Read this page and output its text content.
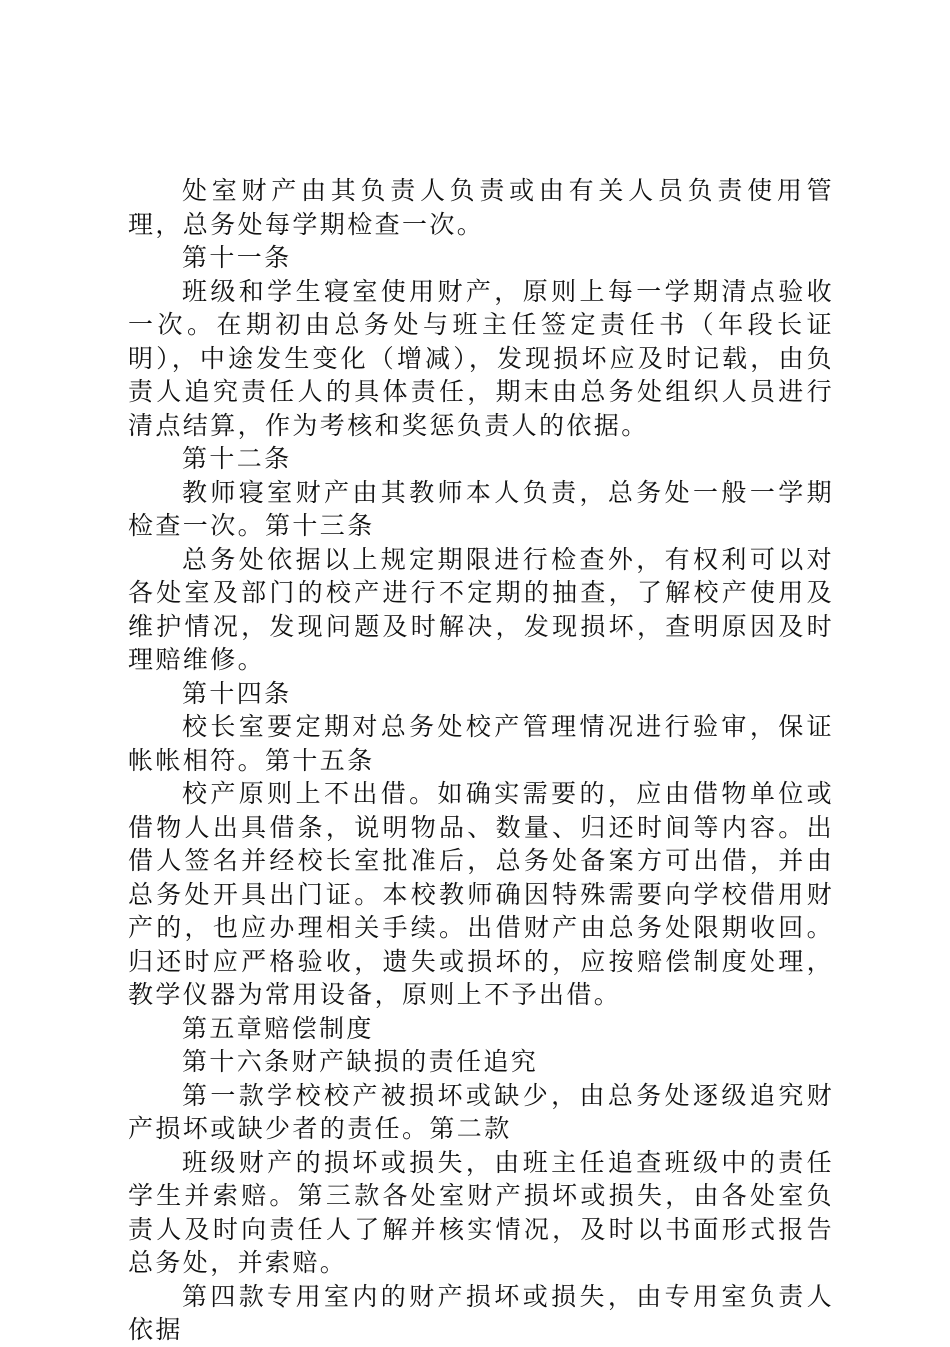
处室财产由其负责人负责或由有关人员负责使用管理，总务处每学期检查一次。

第十一条

班级和学生寝室使用财产，原则上每一学期清点验收一次。在期初由总务处与班主任签定责任书（年段长证明），中途发生变化（增减），发现损坏应及时记载，由负责人追究责任人的具体责任，期末由总务处组织人员进行清点结算，作为考核和奖惩负责人的依据。

第十二条

教师寝室财产由其教师本人负责，总务处一般一学期检查一次。第十三条

总务处依据以上规定期限进行检查外，有权利可以对各处室及部门的校产进行不定期的抽查，了解校产使用及维护情况，发现问题及时解决，发现损坏，查明原因及时理赔维修。

第十四条

校长室要定期对总务处校产管理情况进行验审，保证帐帐相符。第十五条

校产原则上不出借。如确实需要的，应由借物单位或借物人出具借条，说明物品、数量、归还时间等内容。出借人签名并经校长室批准后，总务处备案方可出借，并由总务处开具出门证。本校教师确因特殊需要向学校借用财产的，也应办理相关手续。出借财产由总务处限期收回。归还时应严格验收，遗失或损坏的，应按赔偿制度处理，教学仪器为常用设备，原则上不予出借。

第五章赔偿制度

第十六条财产缺损的责任追究

第一款学校校产被损坏或缺少，由总务处逐级追究财产损坏或缺少者的责任。第二款

班级财产的损坏或损失，由班主任追查班级中的责任学生并索赔。第三款各处室财产损坏或损失，由各处室负责人及时向责任人了解并核实情况，及时以书面形式报告总务处，并索赔。

第四款专用室内的财产损坏或损失，由专用室负责人依据
